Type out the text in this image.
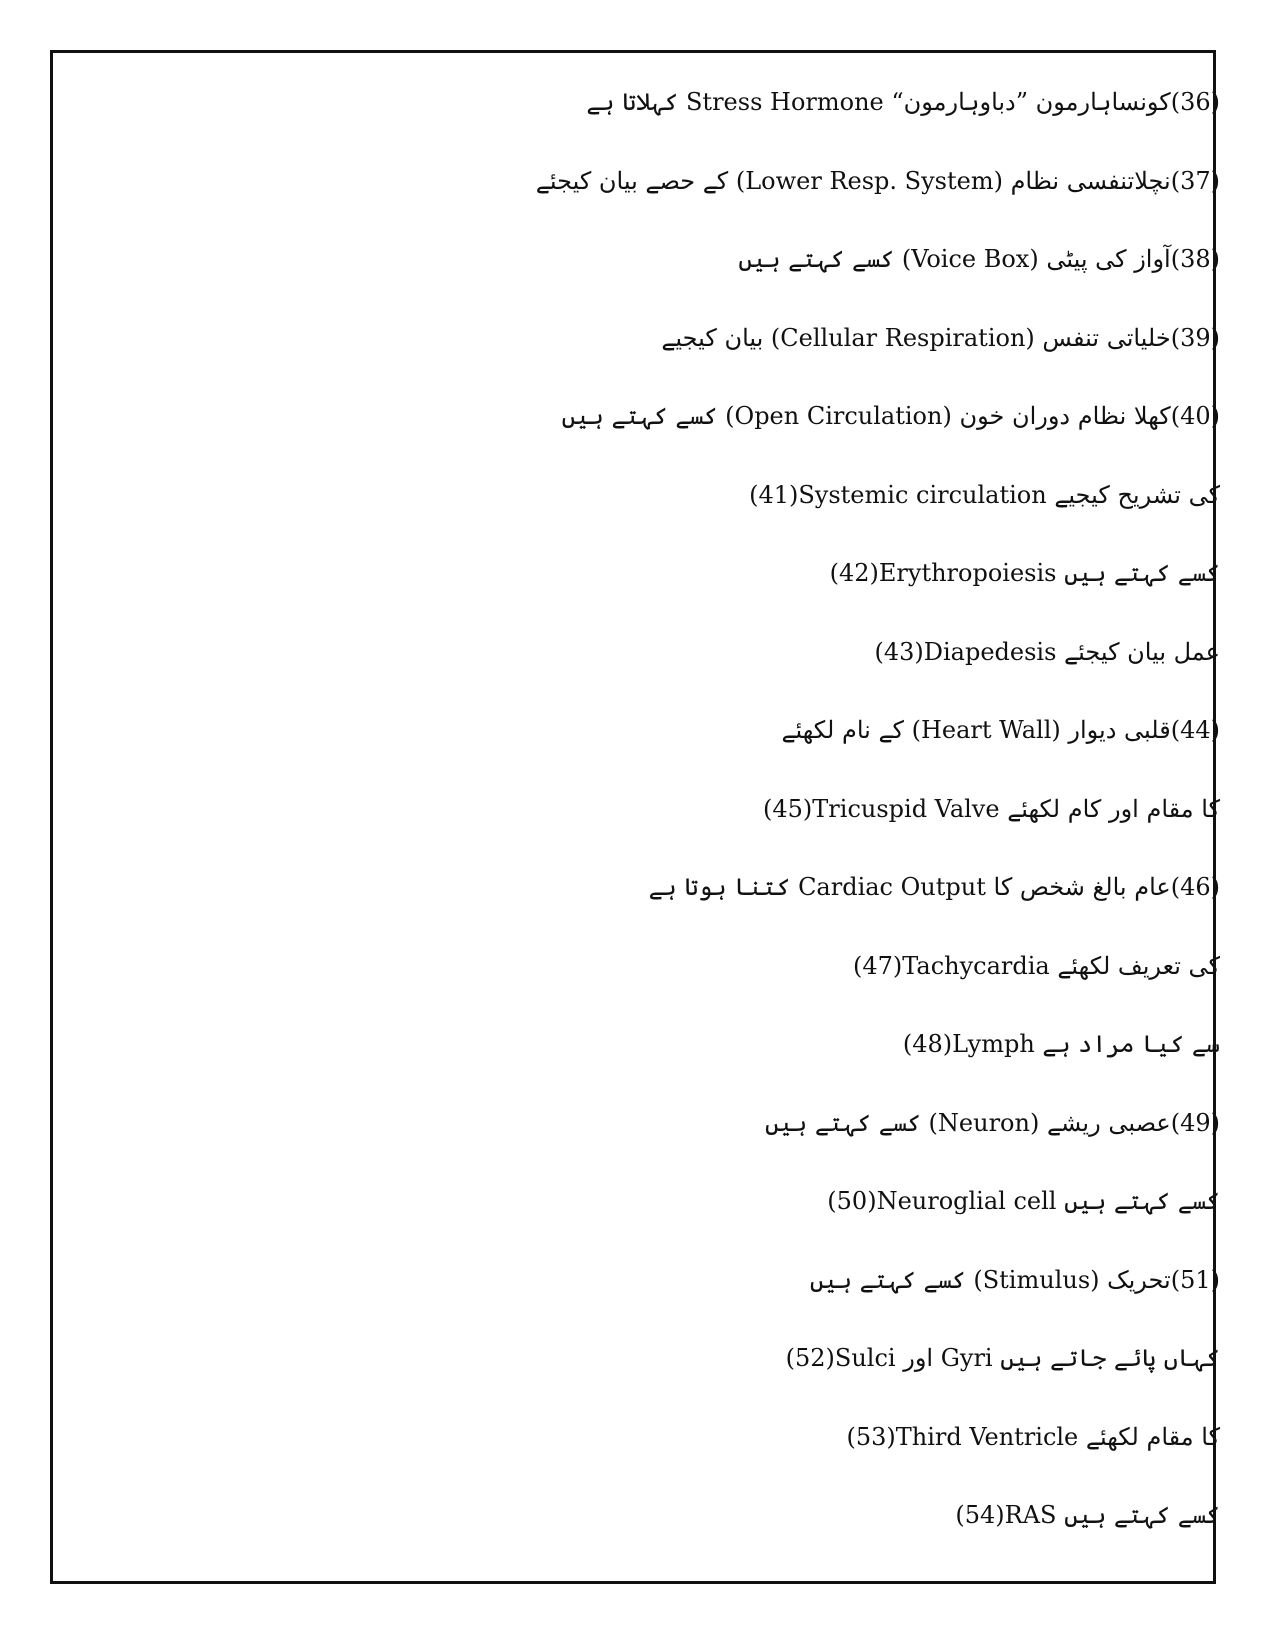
(36)کونساہارمون ”دباوہارمون“ Stress Hormone کہلاتا ہے
(37)نچلاتنفسی نظام (Lower Resp. System) کے حصے بیان کیجئے
(38)آواز کی پیٹی (Voice Box) کسے کہتے ہیں
(39)خلیاتی تنفس (Cellular Respiration) بیان کیجیے
(40)کھلا نظام دوران خون (Open Circulation) کسے کہتے ہیں
(41)Systemic circulation کی تشریح کیجیے
(42)Erythropoiesis کسے کہتے ہیں
(43)Diapedesis عمل بیان کیجئے
(44)قلبی دیوار (Heart Wall) کے نام لکھئے
(45)Tricuspid Valve کا مقام اور کام لکھئے
(46)عام بالغ شخص کا Cardiac Output کتنا ہوتا ہے
(47)Tachycardia کی تعریف لکھئے
(48)Lymph سے کیا مراد ہے
(49)عصبی ریشے (Neuron) کسے کہتے ہیں
(50)Neuroglial cell کسے کہتے ہیں
(51)تحریک (Stimulus) کسے کہتے ہیں
(52)Sulci اور Gyri کہاں پائے جاتے ہیں
(53)Third Ventricle کا مقام لکھئے
(54)RAS کسے کہتے ہیں
